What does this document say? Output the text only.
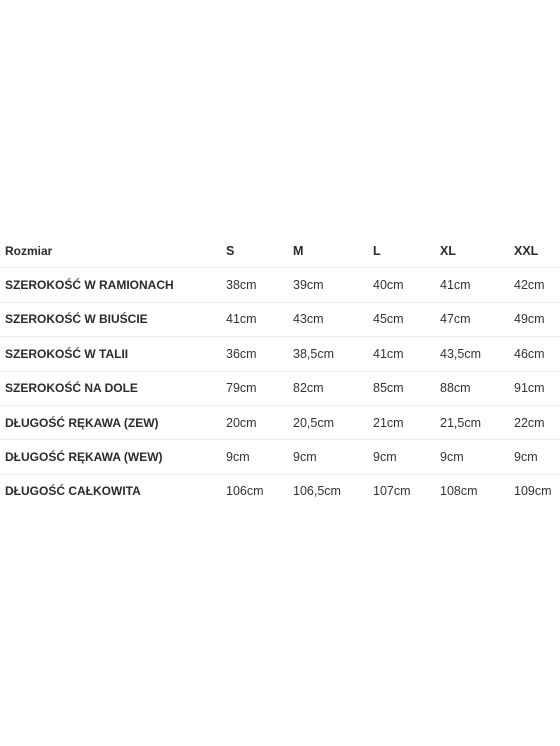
Rozmiar	S	M	L	XL	XXL
SZEROKOŚĆ W RAMIONACH	38cm	39cm	40cm	41cm	42cm
SZEROKOŚĆ W BIUŚCIE	41cm	43cm	45cm	47cm	49cm
SZEROKOŚĆ W TALII	36cm	38,5cm	41cm	43,5cm	46cm
SZEROKOŚĆ NA DOLE	79cm	82cm	85cm	88cm	91cm
DŁUGOŚĆ RĘKAWA (ZEW)	20cm	20,5cm	21cm	21,5cm	22cm
DŁUGOŚĆ RĘKAWA (WEW)	9cm	9cm	9cm	9cm	9cm
DŁUGOŚĆ CAŁKOWITA	106cm	106,5cm	107cm	108cm	109cm
